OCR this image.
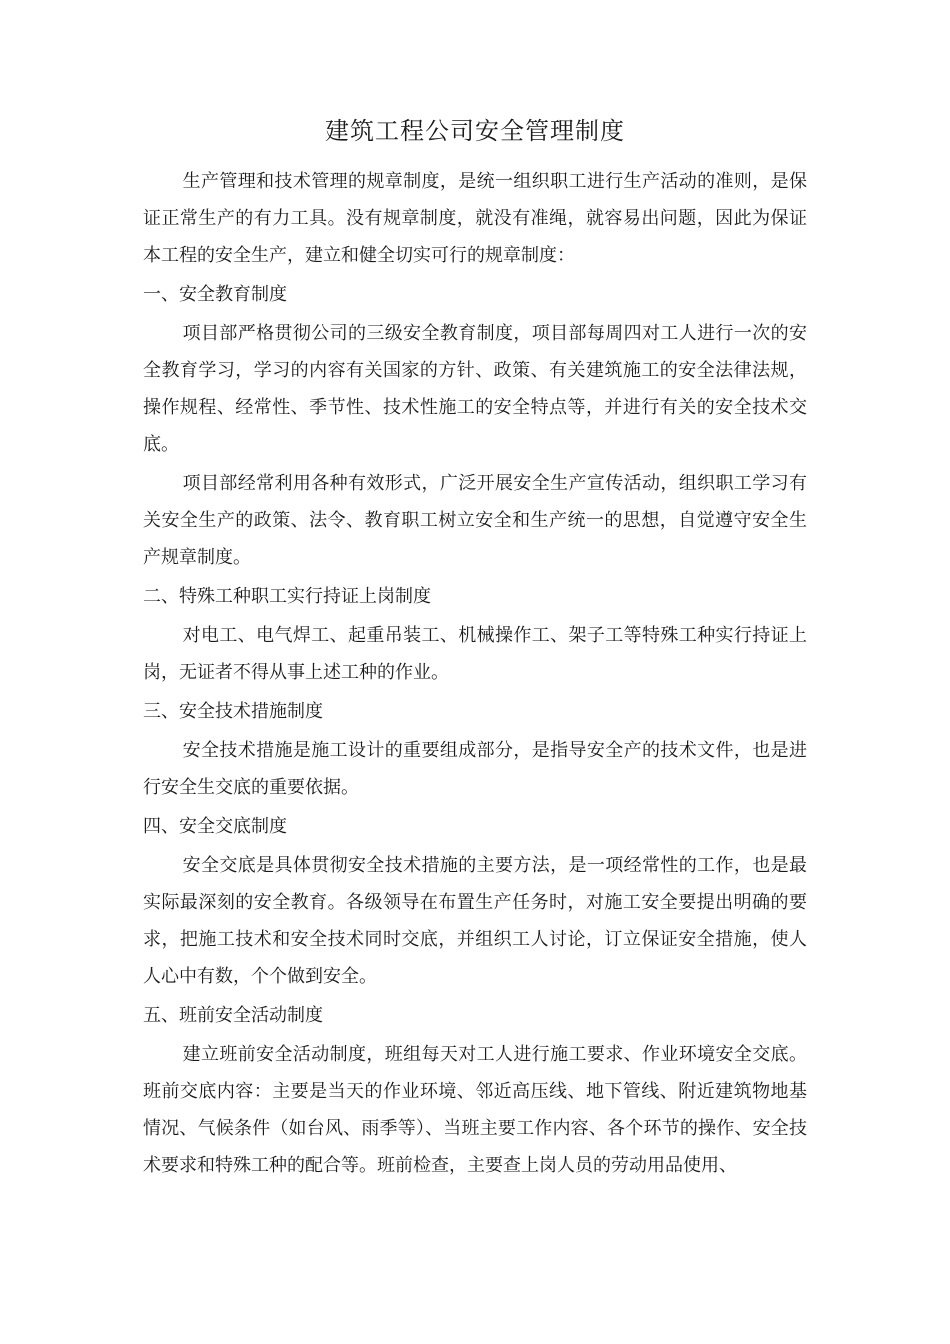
建筑工程公司安全管理制度

生产管理和技术管理的规章制度，是统一组织职工进行生产活动的准则，是保证正常生产的有力工具。没有规章制度，就没有准绳，就容易出问题，因此为保证本工程的安全生产，建立和健全切实可行的规章制度：

一、安全教育制度

项目部严格贯彻公司的三级安全教育制度，项目部每周四对工人进行一次的安全教育学习，学习的内容有关国家的方针、政策、有关建筑施工的安全法律法规，操作规程、经常性、季节性、技术性施工的安全特点等，并进行有关的安全技术交底。

项目部经常利用各种有效形式，广泛开展安全生产宣传活动，组织职工学习有关安全生产的政策、法令、教育职工树立安全和生产统一的思想，自觉遵守安全生产规章制度。

二、特殊工种职工实行持证上岗制度

对电工、电气焊工、起重吊装工、机械操作工、架子工等特殊工种实行持证上岗，无证者不得从事上述工种的作业。

三、安全技术措施制度

安全技术措施是施工设计的重要组成部分，是指导安全产的技术文件，也是进行安全生交底的重要依据。

四、安全交底制度

安全交底是具体贯彻安全技术措施的主要方法，是一项经常性的工作，也是最实际最深刻的安全教育。各级领导在布置生产任务时，对施工安全要提出明确的要求，把施工技术和安全技术同时交底，并组织工人讨论，订立保证安全措施，使人人心中有数，个个做到安全。

五、班前安全活动制度

建立班前安全活动制度，班组每天对工人进行施工要求、作业环境安全交底。班前交底内容：主要是当天的作业环境、邻近高压线、地下管线、附近建筑物地基情况、气候条件（如台风、雨季等）、当班主要工作内容、各个环节的操作、安全技术要求和特殊工种的配合等。班前检查，主要查上岗人员的劳动用品使用、
